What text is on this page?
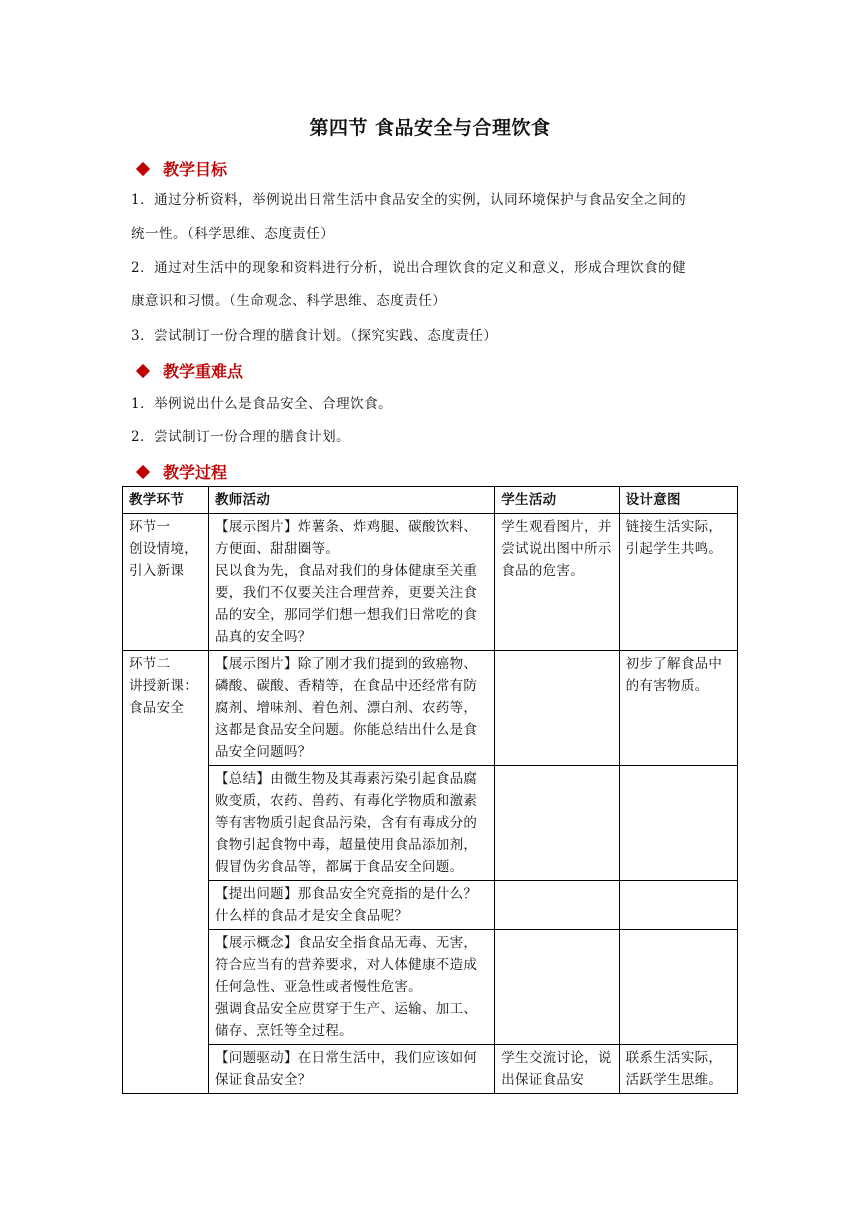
第四节 食品安全与合理饮食
教学目标
1．通过分析资料，举例说出日常生活中食品安全的实例，认同环境保护与食品安全之间的
统一性。（科学思维、态度责任）
2．通过对生活中的现象和资料进行分析，说出合理饮食的定义和意义，形成合理饮食的健
康意识和习惯。（生命观念、科学思维、态度责任）
3．尝试制订一份合理的膳食计划。（探究实践、态度责任）
教学重难点
1．举例说出什么是食品安全、合理饮食。
2．尝试制订一份合理的膳食计划。
教学过程
教学环节	教师活动	学生活动	设计意图
环节一
创设情境，
引入新课	【展示图片】炸薯条、炸鸡腿、碳酸饮料、方便面、甜甜圈等。
民以食为先，食品对我们的身体健康至关重要，我们不仅要关注合理营养，更要关注食品的安全，那同学们想一想我们日常吃的食品真的安全吗？	学生观看图片，并尝试说出图中所示食品的危害。	链接生活实际，引起学生共鸣。
环节二
讲授新课：
食品安全	【展示图片】除了刚才我们提到的致癌物、磷酸、碳酸、香精等，在食品中还经常有防腐剂、增味剂、着色剂、漂白剂、农药等，这都是食品安全问题。你能总结出什么是食品安全问题吗？		初步了解食品中的有害物质。
	【总结】由微生物及其毒素污染引起食品腐败变质，农药、兽药、有毒化学物质和激素等有害物质引起食品污染，含有有毒成分的食物引起食物中毒，超量使用食品添加剂，假冒伪劣食品等，都属于食品安全问题。		
	【提出问题】那食品安全究竟指的是什么？什么样的食品才是安全食品呢？		
	【展示概念】食品安全指食品无毒、无害，符合应当有的营养要求，对人体健康不造成任何急性、亚急性或者慢性危害。
强调食品安全应贯穿于生产、运输、加工、储存、烹饪等全过程。		
	【问题驱动】在日常生活中，我们应该如何保证食品安全？	学生交流讨论，说出保证食品安	联系生活实际，活跃学生思维。
